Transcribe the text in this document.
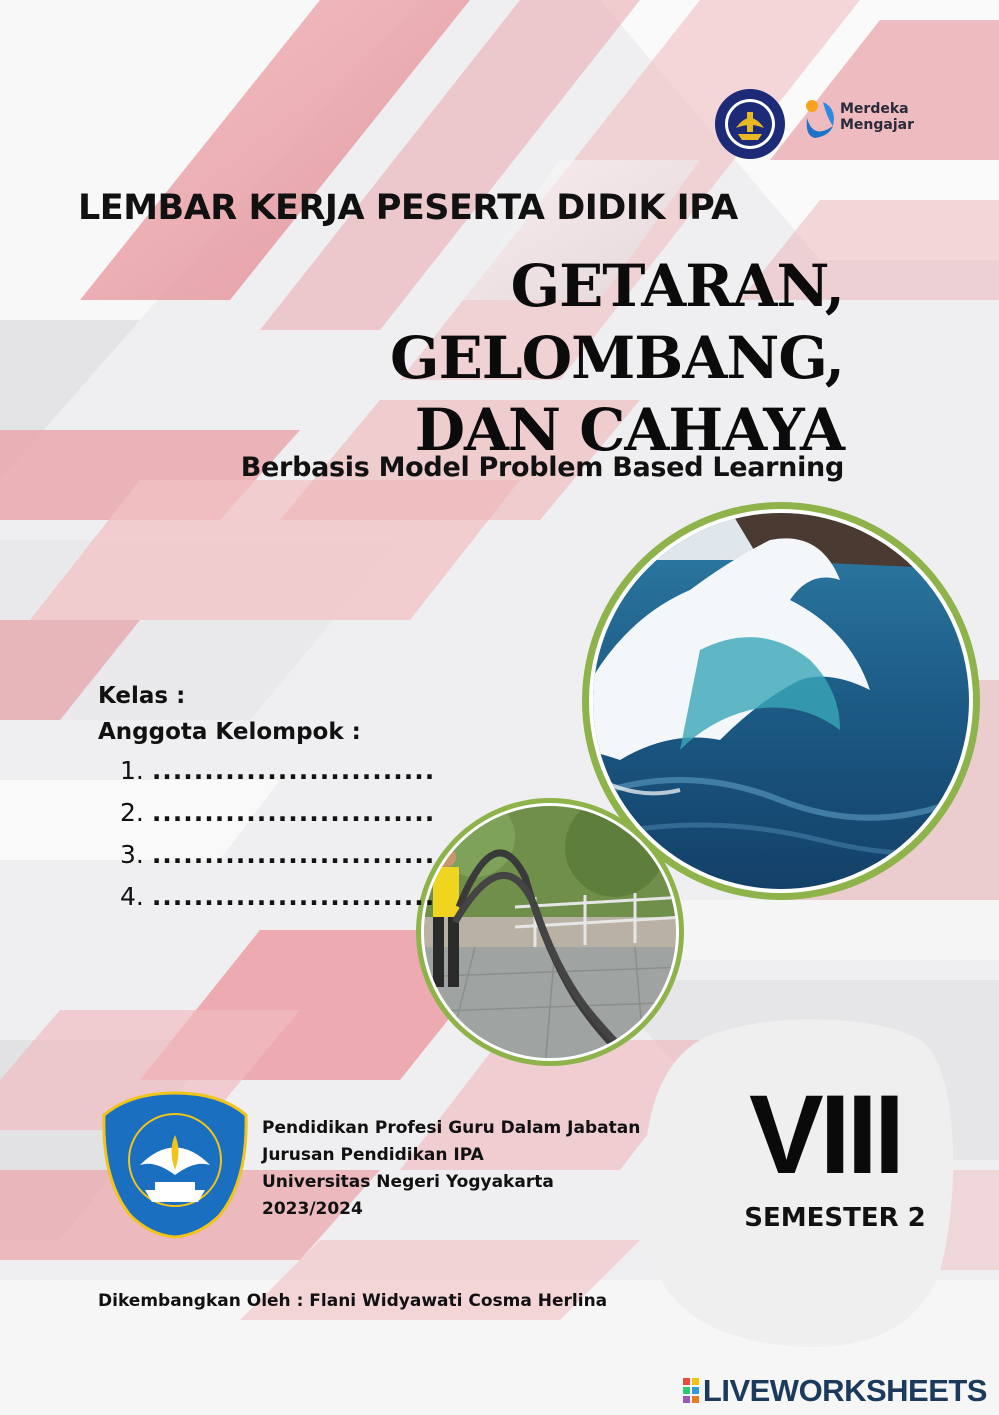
Merdeka
Mengajar
LEMBAR KERJA PESERTA DIDIK IPA
GETARAN,
GELOMBANG,
DAN CAHAYA
Berbasis Model Problem Based Learning
Kelas :
Anggota Kelompok :
1. ...........................
2. ...........................
3. ...........................
4. ...........................
Pendidikan Profesi Guru Dalam Jabatan
Jurusan Pendidikan IPA
Universitas Negeri Yogyakarta
2023/2024
VIII
SEMESTER 2
Dikembangkan Oleh : Flani Widyawati Cosma Herlina
LIVEWORKSHEETS
